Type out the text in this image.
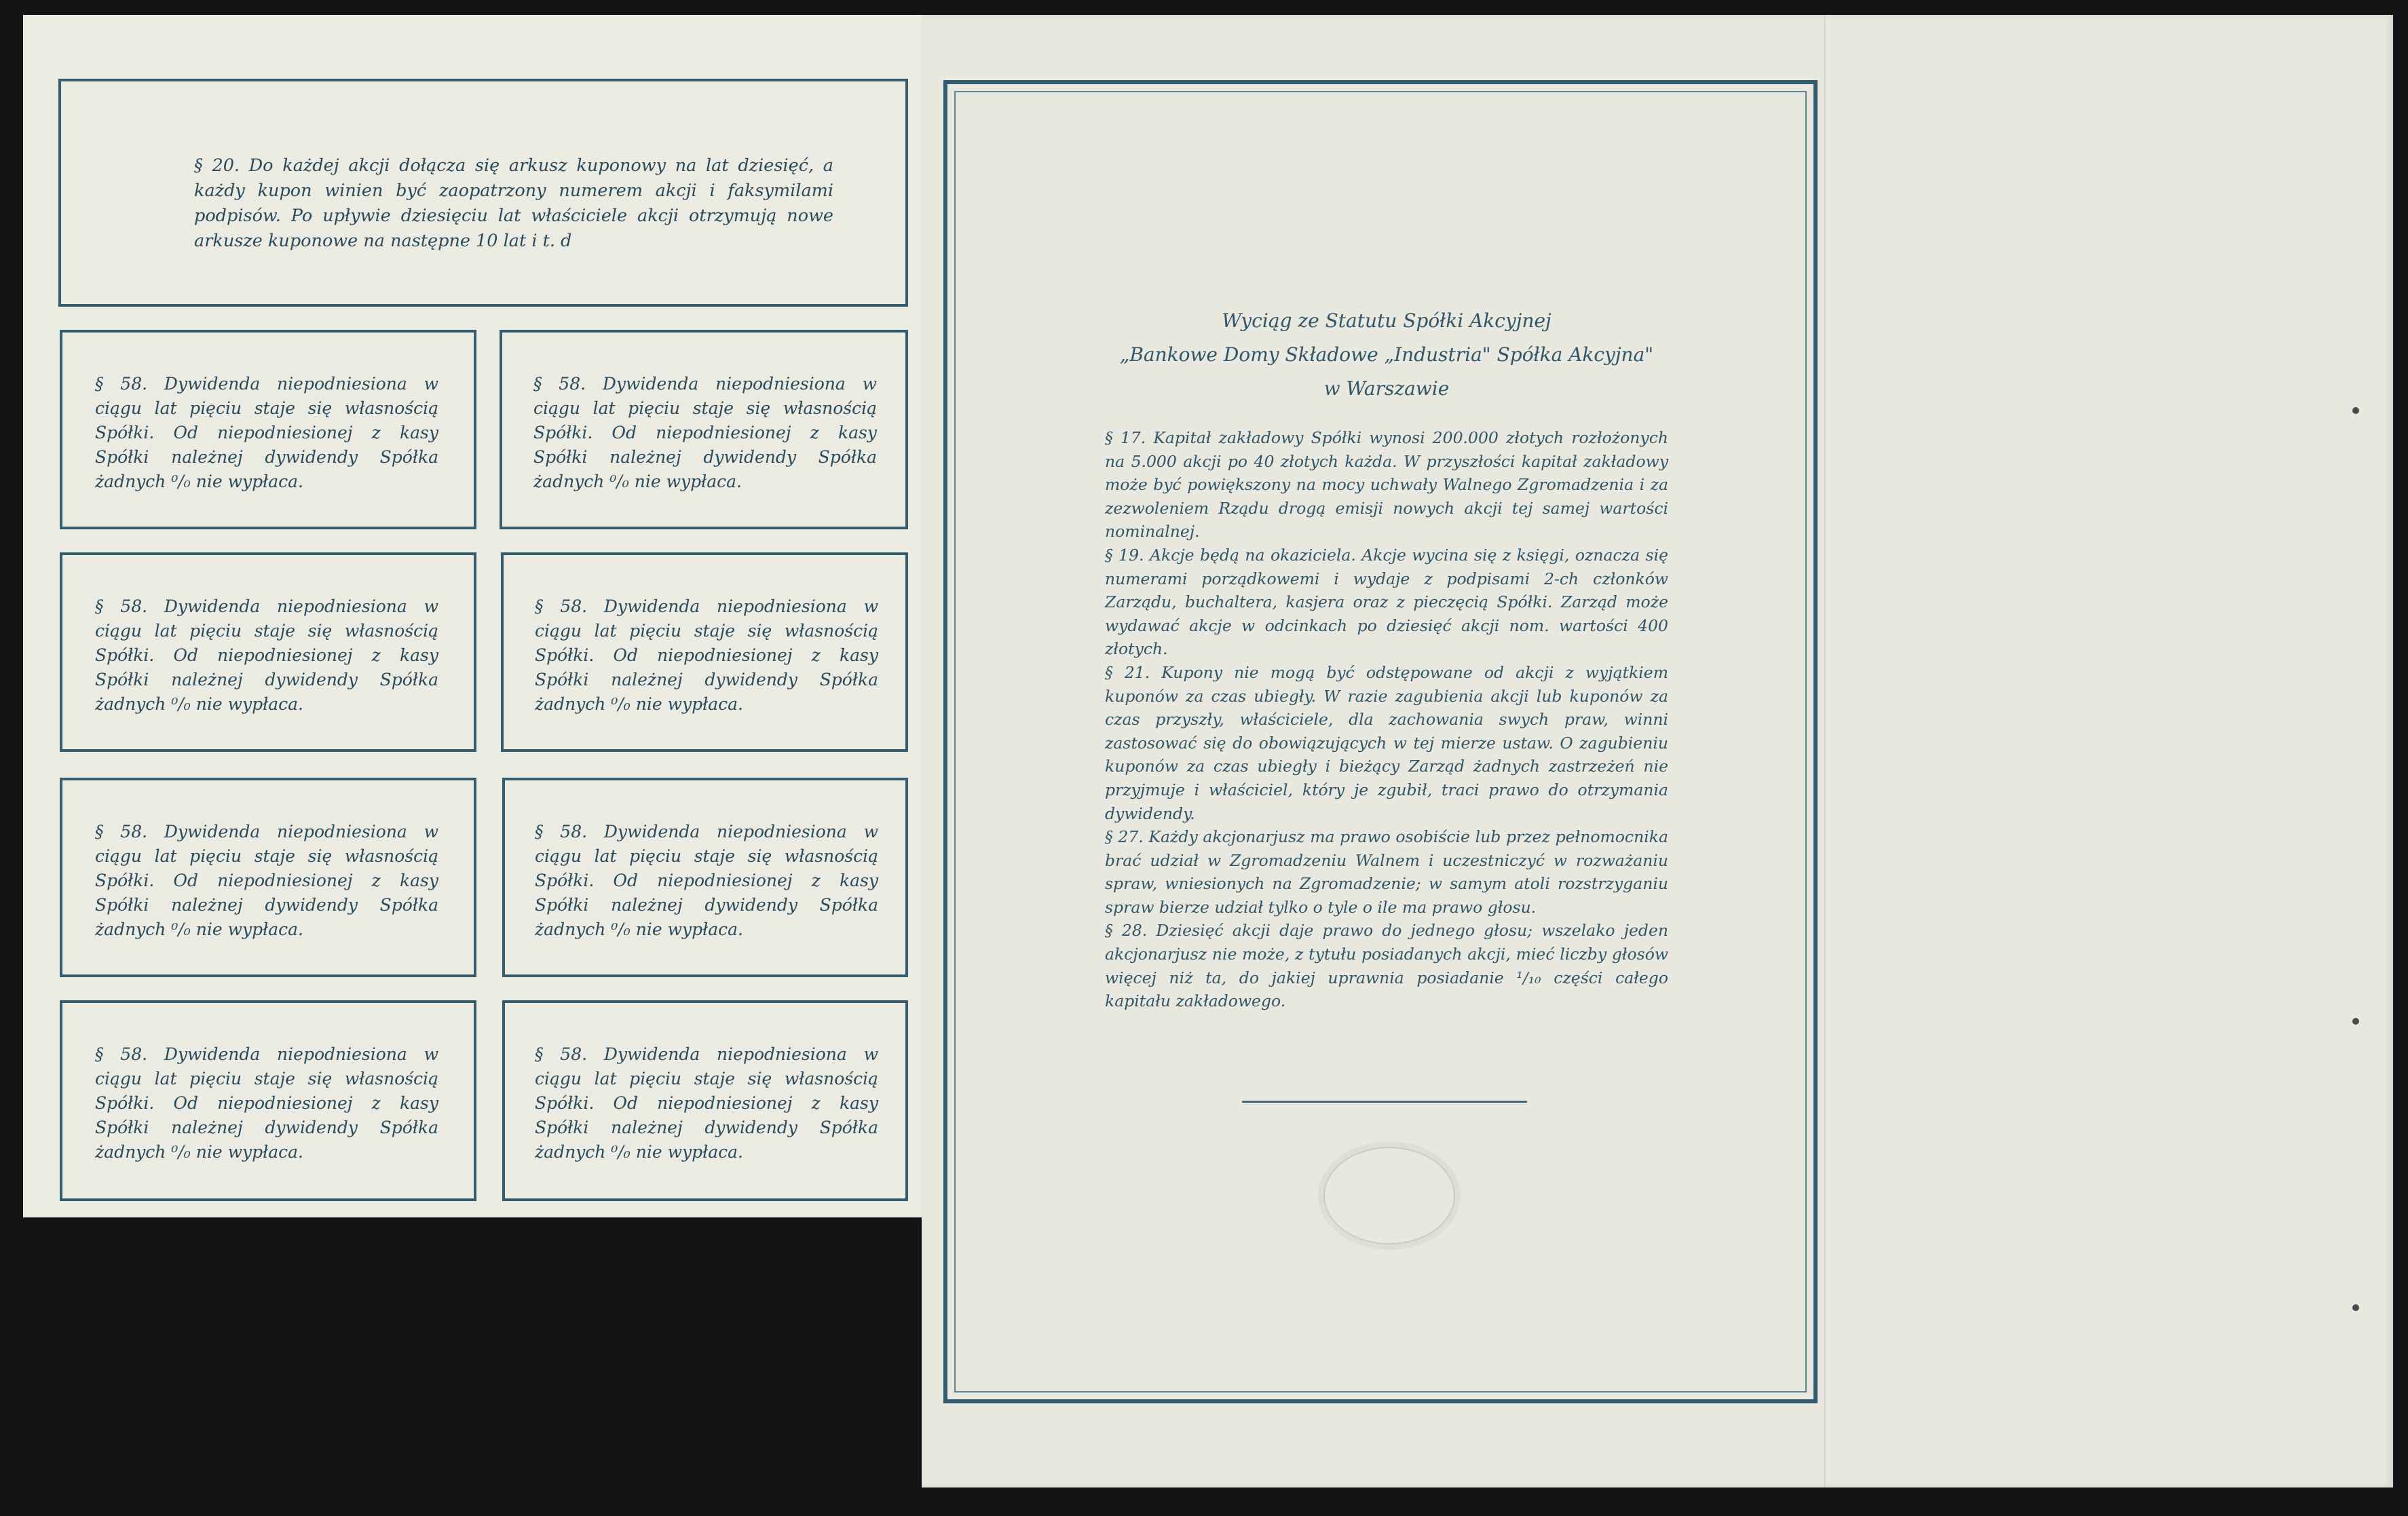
§ 20. Do każdej akcji dołącza się arkusz kuponowy na lat dziesięć, a każdy kupon winien być zaopatrzony numerem akcji i faksymilami podpisów. Po upływie dziesięciu lat właściciele akcji otrzymują nowe arkusze kuponowe na następne 10 lat i t. d
§ 58. Dywidenda niepodniesiona w ciągu lat pięciu staje się własnością Spółki. Od niepodniesionej z kasy Spółki należnej dywidendy Spółka żadnych ⁰/₀ nie wypłaca.
§ 58. Dywidenda niepodniesiona w ciągu lat pięciu staje się własnością Spółki. Od niepodniesionej z kasy Spółki należnej dywidendy Spółka żadnych ⁰/₀ nie wypłaca.
§ 58. Dywidenda niepodniesiona w ciągu lat pięciu staje się własnością Spółki. Od niepodniesionej z kasy Spółki należnej dywidendy Spółka żadnych ⁰/₀ nie wypłaca.
§ 58. Dywidenda niepodniesiona w ciągu lat pięciu staje się własnością Spółki. Od niepodniesionej z kasy Spółki należnej dywidendy Spółka żadnych ⁰/₀ nie wypłaca.
§ 58. Dywidenda niepodniesiona w ciągu lat pięciu staje się własnością Spółki. Od niepodniesionej z kasy Spółki należnej dywidendy Spółka żadnych ⁰/₀ nie wypłaca.
§ 58. Dywidenda niepodniesiona w ciągu lat pięciu staje się własnością Spółki. Od niepodniesionej z kasy Spółki należnej dywidendy Spółka żadnych ⁰/₀ nie wypłaca.
§ 58. Dywidenda niepodniesiona w ciągu lat pięciu staje się własnością Spółki. Od niepodniesionej z kasy Spółki należnej dywidendy Spółka żadnych ⁰/₀ nie wypłaca.
§ 58. Dywidenda niepodniesiona w ciągu lat pięciu staje się własnością Spółki. Od niepodniesionej z kasy Spółki należnej dywidendy Spółka żadnych ⁰/₀ nie wypłaca.

Wyciąg ze Statutu Spółki Akcyjnej

„Bankowe Domy Składowe „Industria" Spółka Akcyjna"

w Warszawie

§ 17. Kapitał zakładowy Spółki wynosi 200.000 złotych rozłożonych na 5.000 akcji po 40 złotych każda. W przyszłości kapitał zakładowy może być powiększony na mocy uchwały Walnego Zgromadzenia i za zezwoleniem Rządu drogą emisji nowych akcji tej samej wartości nominalnej.
§ 19. Akcje będą na okaziciela. Akcje wycina się z księgi, oznacza się numerami porządkowemi i wydaje z podpisami 2-ch członków Zarządu, buchaltera, kasjera oraz z pieczęcią Spółki. Zarząd może wydawać akcje w odcinkach po dziesięć akcji nom. wartości 400 złotych.
§ 21. Kupony nie mogą być odstępowane od akcji z wyjątkiem kuponów za czas ubiegły. W razie zagubienia akcji lub kuponów za czas przyszły, właściciele, dla zachowania swych praw, winni zastosować się do obowiązujących w tej mierze ustaw. O zagubieniu kuponów za czas ubiegły i bieżący Zarząd żadnych zastrzeżeń nie przyjmuje i właściciel, który je zgubił, traci prawo do otrzymania dywidendy.
§ 27. Każdy akcjonarjusz ma prawo osobiście lub przez pełnomocnika brać udział w Zgromadzeniu Walnem i uczestniczyć w rozważaniu spraw, wniesionych na Zgromadzenie; w samym atoli rozstrzyganiu spraw bierze udział tylko o tyle o ile ma prawo głosu.
§ 28. Dziesięć akcji daje prawo do jednego głosu; wszelako jeden akcjonarjusz nie może, z tytułu posiadanych akcji, mieć liczby głosów więcej niż ta, do jakiej uprawnia posiadanie ¹/₁₀ części całego kapitału zakładowego.
